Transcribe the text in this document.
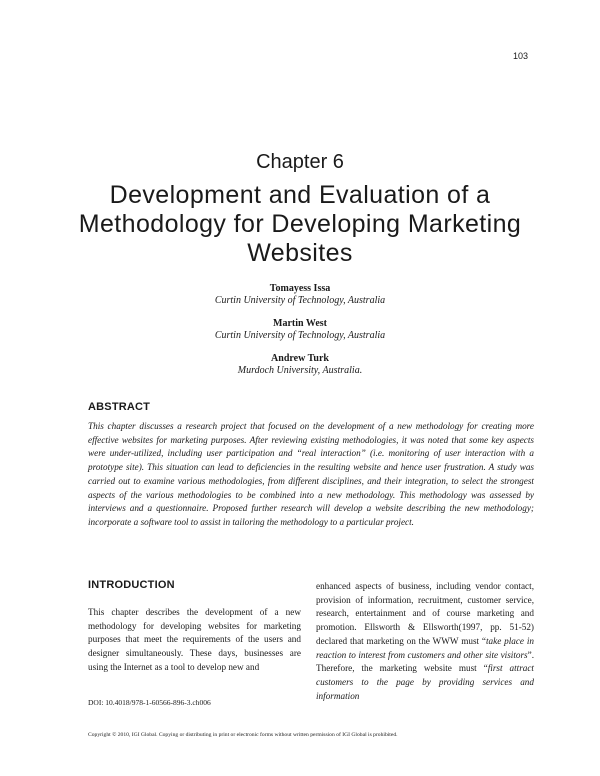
103
Chapter 6
Development and Evaluation of a Methodology for Developing Marketing Websites
Tomayess Issa
Curtin University of Technology, Australia
Martin West
Curtin University of Technology, Australia
Andrew Turk
Murdoch University, Australia.
ABSTRACT
This chapter discusses a research project that focused on the development of a new methodology for creating more effective websites for marketing purposes. After reviewing existing methodologies, it was noted that some key aspects were under-utilized, including user participation and “real interaction” (i.e. monitoring of user interaction with a prototype site). This situation can lead to deficiencies in the resulting website and hence user frustration. A study was carried out to examine various methodologies, from different disciplines, and their integration, to select the strongest aspects of the various methodologies to be combined into a new methodology. This methodology was assessed by interviews and a questionnaire. Proposed further research will develop a website describing the new methodology; incorporate a software tool to assist in tailoring the methodology to a particular project.
INTRODUCTION

This chapter describes the development of a new methodology for developing websites for marketing purposes that meet the requirements of the users and designer simultaneously. These days, businesses are using the Internet as a tool to develop new and

enhanced aspects of business, including vendor contact, provision of information, recruitment, customer service, research, entertainment and of course marketing and promotion. Ellsworth & Ellsworth(1997, pp. 51-52) declared that marketing on the WWW must “take place in reaction to interest from customers and other site visitors”. Therefore, the marketing website must “first attract customers to the page by providing services and information

DOI: 10.4018/978-1-60566-896-3.ch006
Copyright © 2010, IGI Global. Copying or distributing in print or electronic forms without written permission of IGI Global is prohibited.
